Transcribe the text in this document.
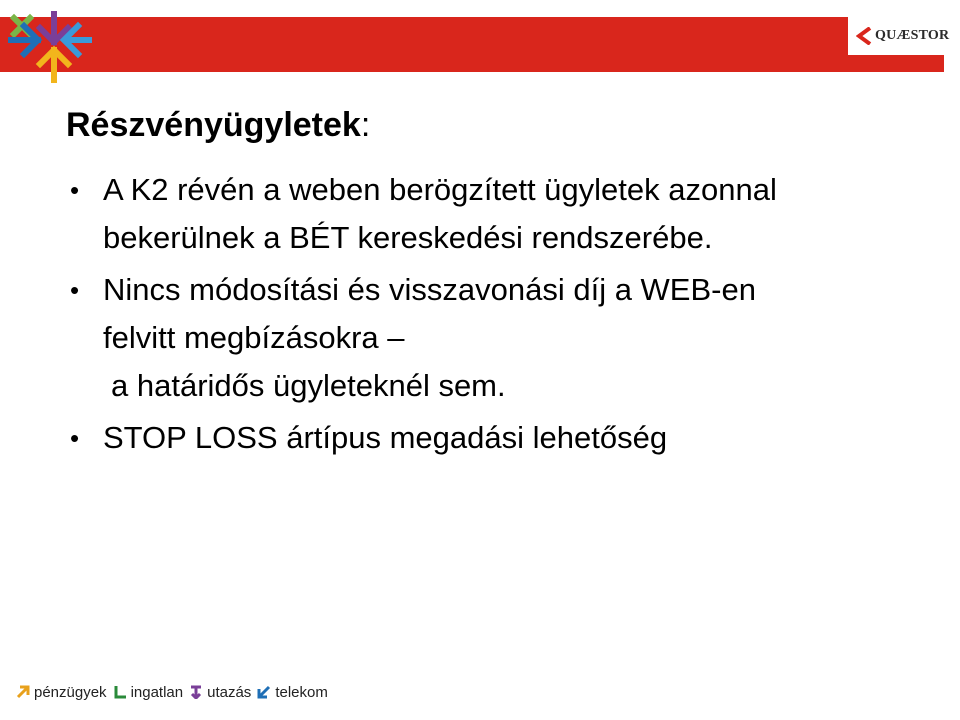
QUÆSTOR
Részvényügyletek:
• A K2 révén a weben berögzített ügyletek azonnal
bekerülnek a BÉT kereskedési rendszerébe.
• Nincs módosítási és visszavonási díj a WEB-en
felvitt megbízásokra –
a határidős ügyleteknél sem.
• STOP LOSS ártípus megadási lehetőség
pénzügyek ingatlan utazás telekom
